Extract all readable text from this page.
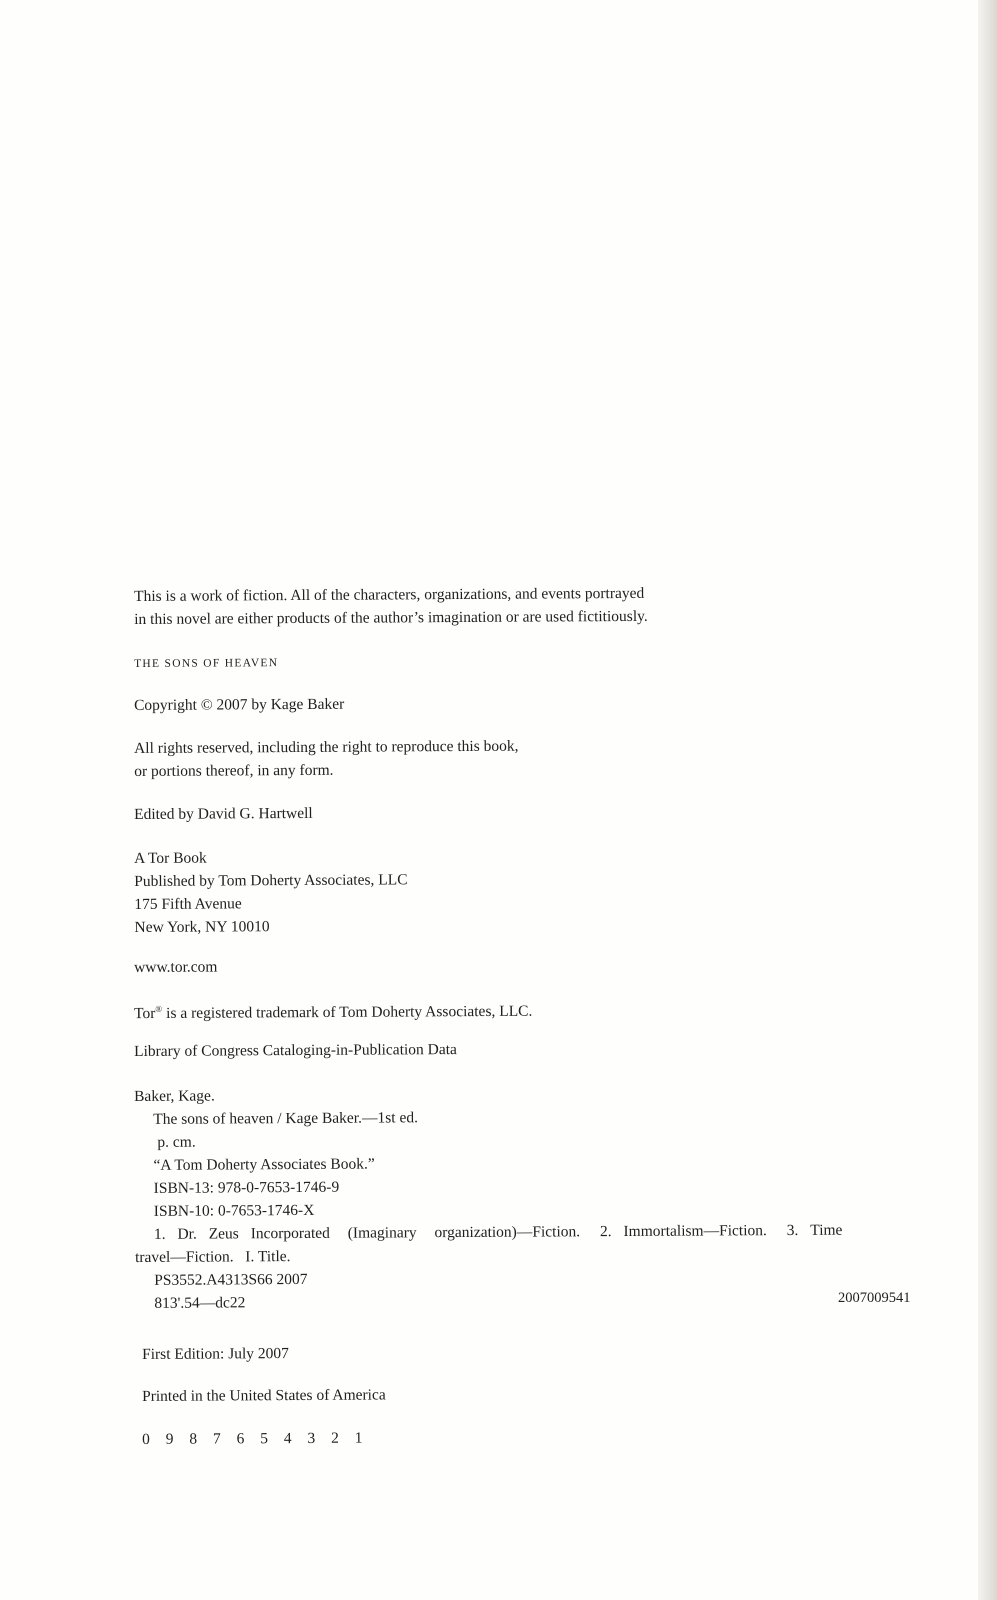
This is a work of fiction. All of the characters, organizations, and events portrayed
in this novel are either products of the author’s imagination or are used fictitiously.
THE SONS OF HEAVEN
Copyright © 2007 by Kage Baker
All rights reserved, including the right to reproduce this book,
or portions thereof, in any form.
Edited by David G. Hartwell
A Tor Book
Published by Tom Doherty Associates, LLC
175 Fifth Avenue
New York, NY 10010
www.tor.com
Tor® is a registered trademark of Tom Doherty Associates, LLC.
Library of Congress Cataloging-in-Publication Data
Baker, Kage.
The sons of heaven / Kage Baker.—1st ed.
p. cm.
“A Tom Doherty Associates Book.”
ISBN-13: 978-0-7653-1746-9
ISBN-10: 0-7653-1746-X
1. Dr. Zeus Incorporated (Imaginary organization)—Fiction. 2. Immortalism—Fiction. 3. Time
travel—Fiction.   I. Title.
PS3552.A4313S66 2007
813'.54—dc22	2007009541
First Edition: July 2007
Printed in the United States of America
0 9 8 7 6 5 4 3 2 1
